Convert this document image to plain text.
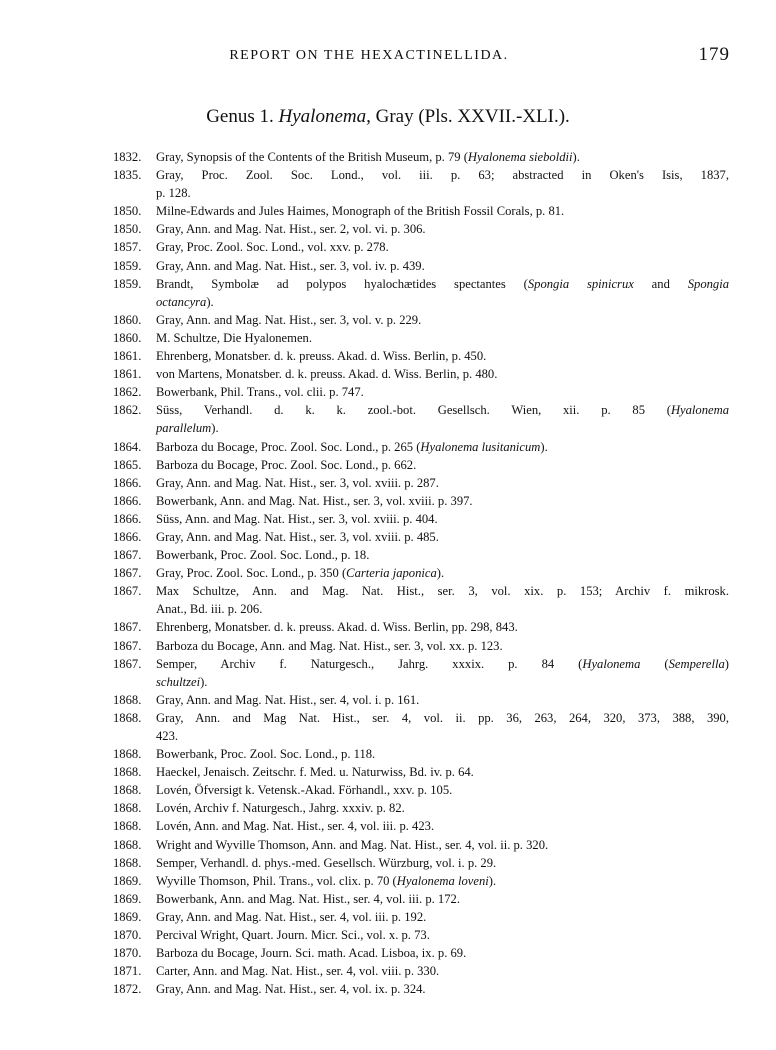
REPORT ON THE HEXACTINELLIDA.	179
Genus 1. Hyalonema, Gray (Pls. XXVII.-XLI.).
1832. Gray, Synopsis of the Contents of the British Museum, p. 79 (Hyalonema sieboldii).
1835. Gray, Proc. Zool. Soc. Lond., vol. iii. p. 63; abstracted in Oken's Isis, 1837,
p. 128.
1850. Milne-Edwards and Jules Haimes, Monograph of the British Fossil Corals, p. 81.
1850. Gray, Ann. and Mag. Nat. Hist., ser. 2, vol. vi. p. 306.
1857. Gray, Proc. Zool. Soc. Lond., vol. xxv. p. 278.
1859. Gray, Ann. and Mag. Nat. Hist., ser. 3, vol. iv. p. 439.
1859. Brandt, Symbolæ ad polypos hyalochætides spectantes (Spongia spinicrux and Spongia
octancyra).
1860. Gray, Ann. and Mag. Nat. Hist., ser. 3, vol. v. p. 229.
1860. M. Schultze, Die Hyalonemen.
1861. Ehrenberg, Monatsber. d. k. preuss. Akad. d. Wiss. Berlin, p. 450.
1861. von Martens, Monatsber. d. k. preuss. Akad. d. Wiss. Berlin, p. 480.
1862. Bowerbank, Phil. Trans., vol. clii. p. 747.
1862. Süss, Verhandl. d. k. k. zool.-bot. Gesellsch. Wien, xii. p. 85 (Hyalonema
parallelum).
1864. Barboza du Bocage, Proc. Zool. Soc. Lond., p. 265 (Hyalonema lusitanicum).
1865. Barboza du Bocage, Proc. Zool. Soc. Lond., p. 662.
1866. Gray, Ann. and Mag. Nat. Hist., ser. 3, vol. xviii. p. 287.
1866. Bowerbank, Ann. and Mag. Nat. Hist., ser. 3, vol. xviii. p. 397.
1866. Süss, Ann. and Mag. Nat. Hist., ser. 3, vol. xviii. p. 404.
1866. Gray, Ann. and Mag. Nat. Hist., ser. 3, vol. xviii. p. 485.
1867. Bowerbank, Proc. Zool. Soc. Lond., p. 18.
1867. Gray, Proc. Zool. Soc. Lond., p. 350 (Carteria japonica).
1867. Max Schultze, Ann. and Mag. Nat. Hist., ser. 3, vol. xix. p. 153; Archiv f. mikrosk.
Anat., Bd. iii. p. 206.
1867. Ehrenberg, Monatsber. d. k. preuss. Akad. d. Wiss. Berlin, pp. 298, 843.
1867. Barboza du Bocage, Ann. and Mag. Nat. Hist., ser. 3, vol. xx. p. 123.
1867. Semper, Archiv f. Naturgesch., Jahrg. xxxix. p. 84 (Hyalonema (Semperella)
schultzei).
1868. Gray, Ann. and Mag. Nat. Hist., ser. 4, vol. i. p. 161.
1868. Gray, Ann. and Mag Nat. Hist., ser. 4, vol. ii. pp. 36, 263, 264, 320, 373, 388, 390,
423.
1868. Bowerbank, Proc. Zool. Soc. Lond., p. 118.
1868. Haeckel, Jenaisch. Zeitschr. f. Med. u. Naturwiss, Bd. iv. p. 64.
1868. Lovén, Öfversigt k. Vetensk.-Akad. Förhandl., xxv. p. 105.
1868. Lovén, Archiv f. Naturgesch., Jahrg. xxxiv. p. 82.
1868. Lovén, Ann. and Mag. Nat. Hist., ser. 4, vol. iii. p. 423.
1868. Wright and Wyville Thomson, Ann. and Mag. Nat. Hist., ser. 4, vol. ii. p. 320.
1868. Semper, Verhandl. d. phys.-med. Gesellsch. Würzburg, vol. i. p. 29.
1869. Wyville Thomson, Phil. Trans., vol. clix. p. 70 (Hyalonema loveni).
1869. Bowerbank, Ann. and Mag. Nat. Hist., ser. 4, vol. iii. p. 172.
1869. Gray, Ann. and Mag. Nat. Hist., ser. 4, vol. iii. p. 192.
1870. Percival Wright, Quart. Journ. Micr. Sci., vol. x. p. 73.
1870. Barboza du Bocage, Journ. Sci. math. Acad. Lisboa, ix. p. 69.
1871. Carter, Ann. and Mag. Nat. Hist., ser. 4, vol. viii. p. 330.
1872. Gray, Ann. and Mag. Nat. Hist., ser. 4, vol. ix. p. 324.
